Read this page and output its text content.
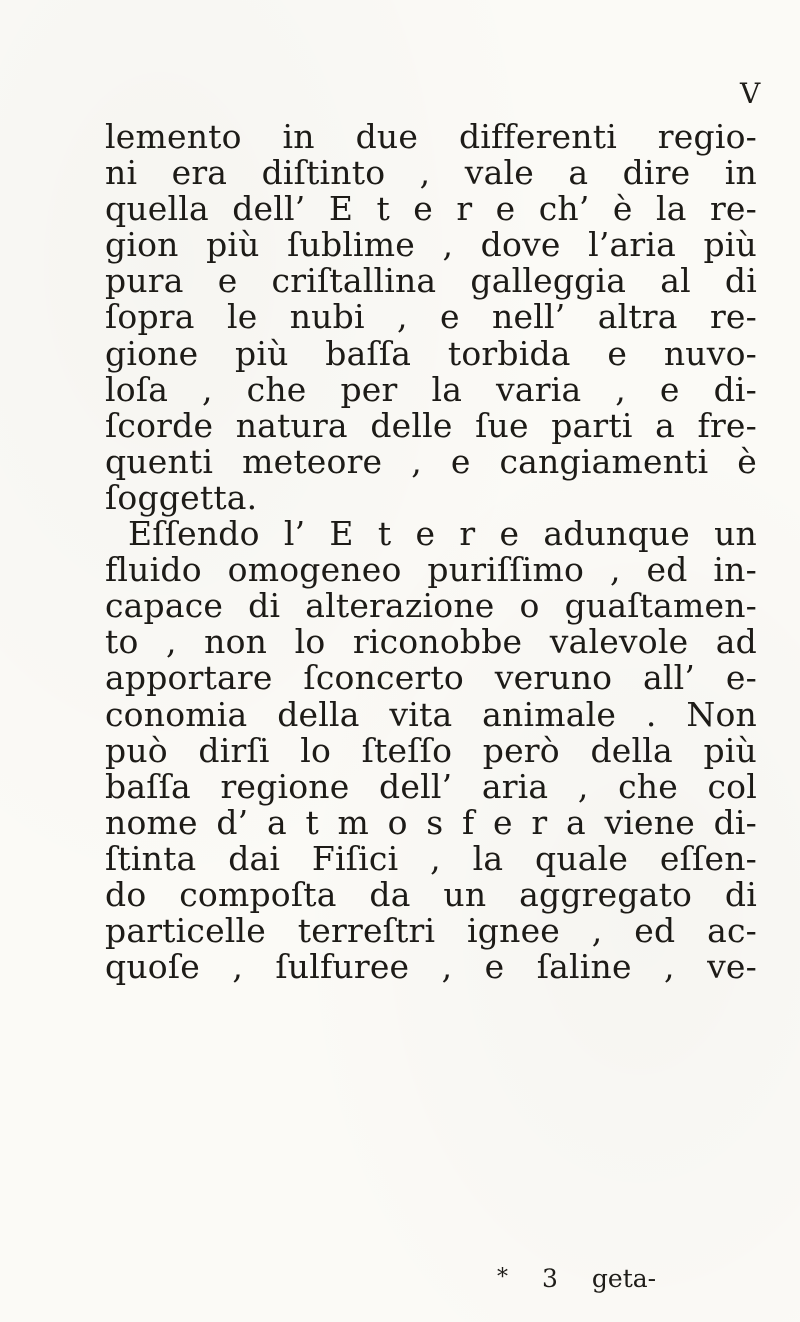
V
lemento in due differenti regio-
ni era diſtinto , vale a dire in
quella dell’ E t e r e ch’ è la re-
gion più ſublime , dove l’aria più
pura e criſtallina galleggia al di
ſopra le nubi , e nell’ altra re-
gione più baſſa torbida e nuvo-
loſa , che per la varia , e di-
ſcorde natura delle ſue parti a fre-
quenti meteore , e cangiamenti è
ſoggetta.
Eſſendo l’ E t e r e adunque un
fluido omogeneo puriſſimo , ed in-
capace di alterazione o guaſtamen-
to , non lo riconobbe valevole ad
apportare ſconcerto veruno all’ e-
conomia della vita animale . Non
può dirſi lo ſteſſo però della più
baſſa regione dell’ aria , che col
nome d’ a t m o s f e r a viene di-
ſtinta dai Fiſici , la quale eſſen-
do compoſta da un aggregato di
particelle terreſtri ignee , ed ac-
quoſe , ſulfuree , e ſaline , ve-
* 3 geta-
